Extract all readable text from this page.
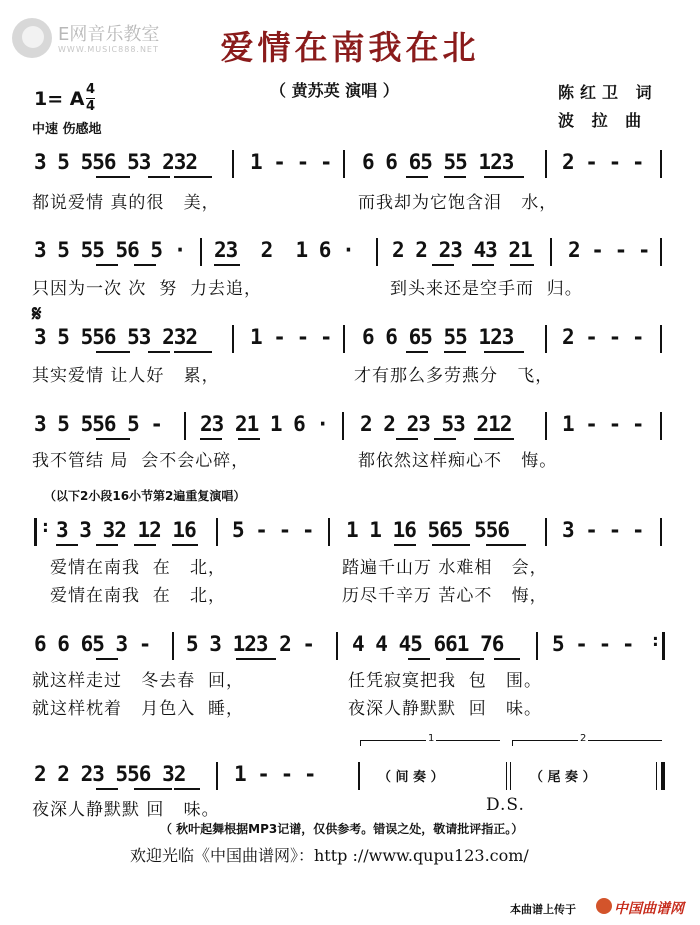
E网音乐教室
WWW.MUSIC888.NET	爱情在南我在北
（ 黄苏英 演唱 ）	陈红卫 词
波 拉 曲
1= A 4
4
中速 伤感地
3 5 556 53 232	1 - - - 6 6 65 55 123 2 - - -
都说爱情 真的很   美，	而我却为它饱含泪   水，
3 5 55 56 5 · 23  2  1 6 · 2 2 23 43 21 2 - - -
只因为一次 次  努  力去追，	到头来还是空手而  归。
𝄋
3 5 556 53 232	1 - - - 6 6 65 55 123 2 - - -
其实爱情 让人好   累，	才有那么多劳燕分   飞，
3 5 556 5 - 23 21 1 6 · 2 2 23 53 212 1 - - -
我不管结 局  会不会心碎，	都依然这样痴心不   悔。
（以下2小段16小节第2遍重复演唱）
: 3 3 32 12 16 5 - - - 1 1 16 565 556	3 - - -
爱情在南我  在   北，	踏遍千山万 水难相   会，
爱情在南我  在   北，	历尽千辛万 苦心不   悔，
6 6 65 3 - 5 3 123 2 - 4 4 45 661 76 5 - - - :
就这样走过   冬去春  回，	任凭寂寞把我  包   围。
就这样枕着   月色入  睡，	夜深人静默默  回   味。
1	2
2 2 23 556 32 1 - - -	（ 间 奏 ）	（ 尾 奏 ）
夜深人静默默 回   味。	D.S.
（ 秋叶起舞根据MP3记谱，仅供参考。错误之处，敬请批评指正。）
欢迎光临《中国曲谱网》：http ://www.qupu123.com/
本曲谱上传于	中国曲谱网
